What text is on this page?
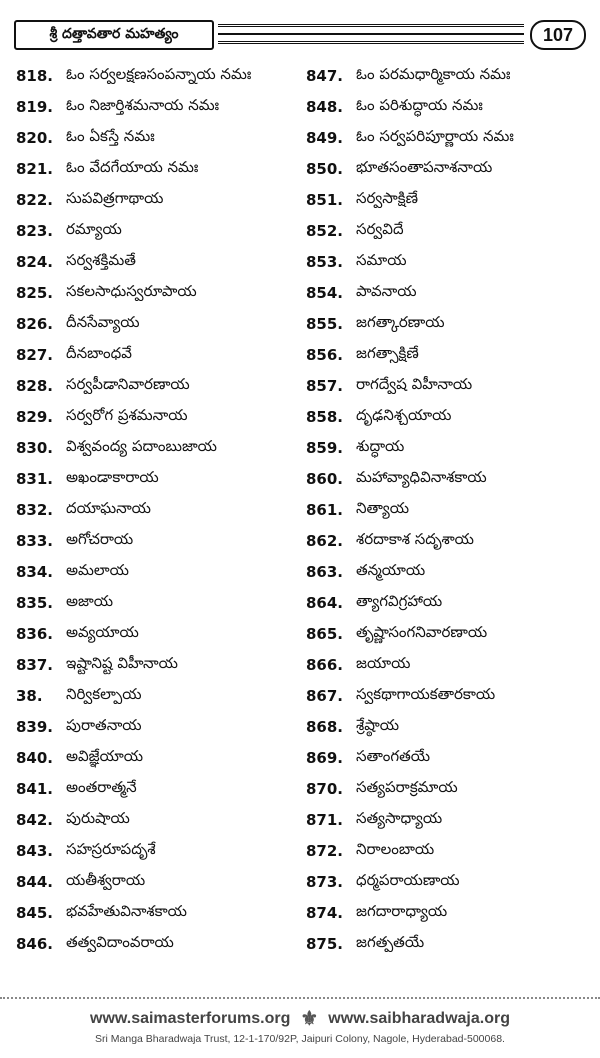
శ్రీ దత్తావతార మహత్యం	107
818. ఓం సర్వలక్షణసంపన్నాయ నమః
819. ఓం నిజార్తిశమనాయ నమః
820. ఓం ఏకస్తే నమః
821. ఓం వేదగేయాయ నమః
822. సుపవిత్రగాథాయ
823. రమ్యాయ
824. సర్వశక్తిమతే
825. సకలసాధుస్వరూపాయ
826. దీనసేవ్యాయ
827. దీనబాంధవే
828. సర్వపీడానివారణాయ
829. సర్వరోగ ప్రశమనాయ
830. విశ్వవంద్య పదాంబుజాయ
831. అఖండాకారాయ
832. దయాఘనాయ
833. అగోచరాయ
834. అమలాయ
835. అజాయ
836. అవ్యయాయ
837. ఇష్టానిష్ట విహీనాయ
38.	నిర్వికల్పాయ
839. పురాతనాయ
840. అవిజ్ఞేయాయ
841. అంతరాత్మనే
842. పురుషాయ
843. సహస్రరూపదృశే
844. యతీశ్వరాయ
845. భవహేతువినాశకాయ
846. తత్వవిదాంవరాయ
847. ఓం పరమధార్మికాయ నమః
848. ఓం పరిశుద్ధాయ నమః
849. ఓం సర్వపరిపూర్ణాయ నమః
850. భూతసంతాపనాశనాయ
851. సర్వసాక్షిణే
852. సర్వవిదే
853. సమాయ
854. పావనాయ
855. జగత్కారణాయ
856. జగత్సాక్షిణే
857. రాగద్వేష విహీనాయ
858. దృఢనిశ్చయాయ
859. శుద్ధాయ
860. మహావ్యాధివినాశకాయ
861. నిత్యాయ
862. శరదాకాశ సదృశాయ
863. తన్మయాయ
864. త్యాగవిగ్రహాయ
865. తృష్ణాసంగనివారణాయ
866. జయాయ
867. స్వకథాగాయకతారకాయ
868. శ్రేష్ఠాయ
869. సతాంగతయే
870. సత్యపరాక్రమాయ
871. సత్యసాధ్యాయ
872. నిరాలంబాయ
873. ధర్మపరాయణాయ
874. జగదారాధ్యాయ
875. జగత్పతయే
www.saimasterforums.org ⚜ www.saibharadwaja.org
Sri Manga Bharadwaja Trust, 12-1-170/92P, Jaipuri Colony, Nagole, Hyderabad-500068.
